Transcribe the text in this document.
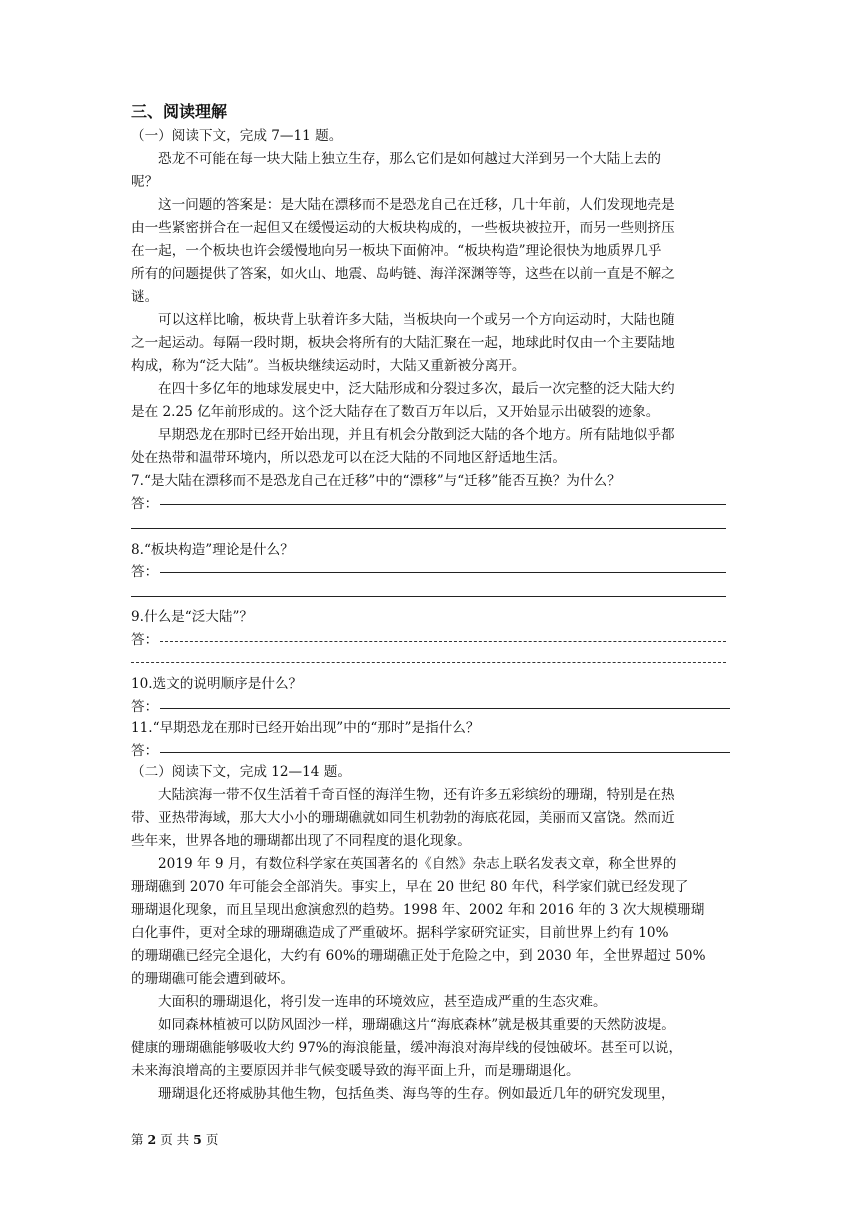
三、阅读理解
（一）阅读下文，完成 7—11 题。
恐龙不可能在每一块大陆上独立生存，那么它们是如何越过大洋到另一个大陆上去的
呢？
这一问题的答案是：是大陆在漂移而不是恐龙自己在迁移，几十年前，人们发现地壳是
由一些紧密拼合在一起但又在缓慢运动的大板块构成的，一些板块被拉开，而另一些则挤压
在一起，一个板块也许会缓慢地向另一板块下面俯冲。“板块构造”理论很快为地质界几乎
所有的问题提供了答案，如火山、地震、岛屿链、海洋深渊等等，这些在以前一直是不解之
谜。
可以这样比喻，板块背上驮着许多大陆，当板块向一个或另一个方向运动时，大陆也随
之一起运动。每隔一段时期，板块会将所有的大陆汇聚在一起，地球此时仅由一个主要陆地
构成，称为“泛大陆”。当板块继续运动时，大陆又重新被分离开。
在四十多亿年的地球发展史中，泛大陆形成和分裂过多次，最后一次完整的泛大陆大约
是在 2.25 亿年前形成的。这个泛大陆存在了数百万年以后，又开始显示出破裂的迹象。
早期恐龙在那时已经开始出现，并且有机会分散到泛大陆的各个地方。所有陆地似乎都
处在热带和温带环境内，所以恐龙可以在泛大陆的不同地区舒适地生活。
7.“是大陆在漂移而不是恐龙自己在迁移”中的“漂移”与“迁移”能否互换？为什么？
答：
8.“板块构造”理论是什么？
答：
9.什么是“泛大陆”？
答：
10.选文的说明顺序是什么？
答：
11.“早期恐龙在那时已经开始出现”中的“那时”是指什么？
答：
（二）阅读下文，完成 12—14 题。
大陆滨海一带不仅生活着千奇百怪的海洋生物，还有许多五彩缤纷的珊瑚，特别是在热
带、亚热带海域，那大大小小的珊瑚礁就如同生机勃勃的海底花园，美丽而又富饶。然而近
些年来，世界各地的珊瑚都出现了不同程度的退化现象。
2019 年 9 月，有数位科学家在英国著名的《自然》杂志上联名发表文章，称全世界的
珊瑚礁到 2070 年可能会全部消失。事实上，早在 20 世纪 80 年代，科学家们就已经发现了
珊瑚退化现象，而且呈现出愈演愈烈的趋势。1998 年、2002 年和 2016 年的 3 次大规模珊瑚
白化事件，更对全球的珊瑚礁造成了严重破坏。据科学家研究证实，目前世界上约有 10%
的珊瑚礁已经完全退化，大约有 60%的珊瑚礁正处于危险之中，到 2030 年，全世界超过 50%
的珊瑚礁可能会遭到破坏。
大面积的珊瑚退化，将引发一连串的环境效应，甚至造成严重的生态灾难。
如同森林植被可以防风固沙一样，珊瑚礁这片“海底森林”就是极其重要的天然防波堤。
健康的珊瑚礁能够吸收大约 97%的海浪能量，缓冲海浪对海岸线的侵蚀破坏。甚至可以说，
未来海浪增高的主要原因并非气候变暖导致的海平面上升，而是珊瑚退化。
珊瑚退化还将威胁其他生物，包括鱼类、海鸟等的生存。例如最近几年的研究发现里，
第 2 页 共 5 页
